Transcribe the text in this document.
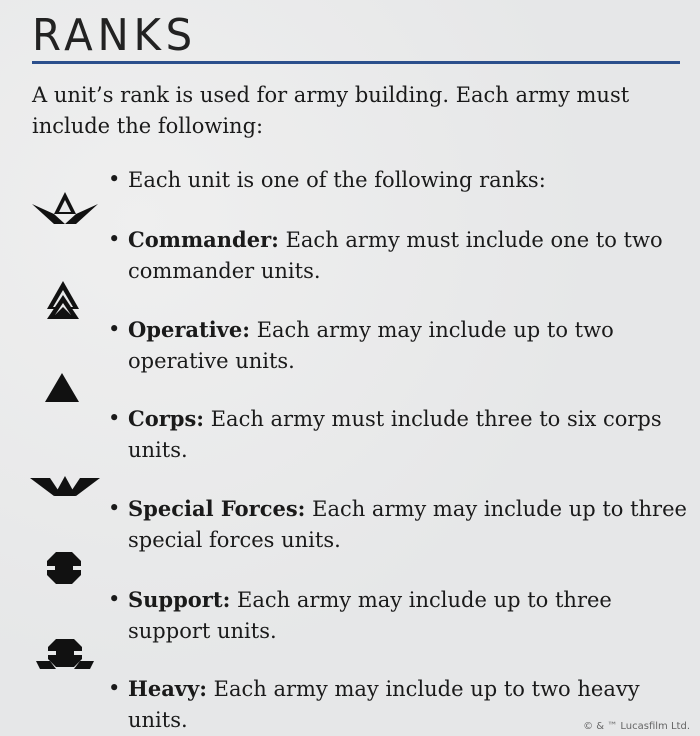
RANKS
A unit’s rank is used for army building. Each army must include the following:
• Each unit is one of the following ranks:
• Commander: Each army must include one to two commander units.
• Operative: Each army may include up to two operative units.
• Corps: Each army must include three to six corps units.
• Special Forces: Each army may include up to three special forces units.
• Support: Each army may include up to three support units.
• Heavy: Each army may include up to two heavy units.	© & ™ Lucasfilm Ltd.
